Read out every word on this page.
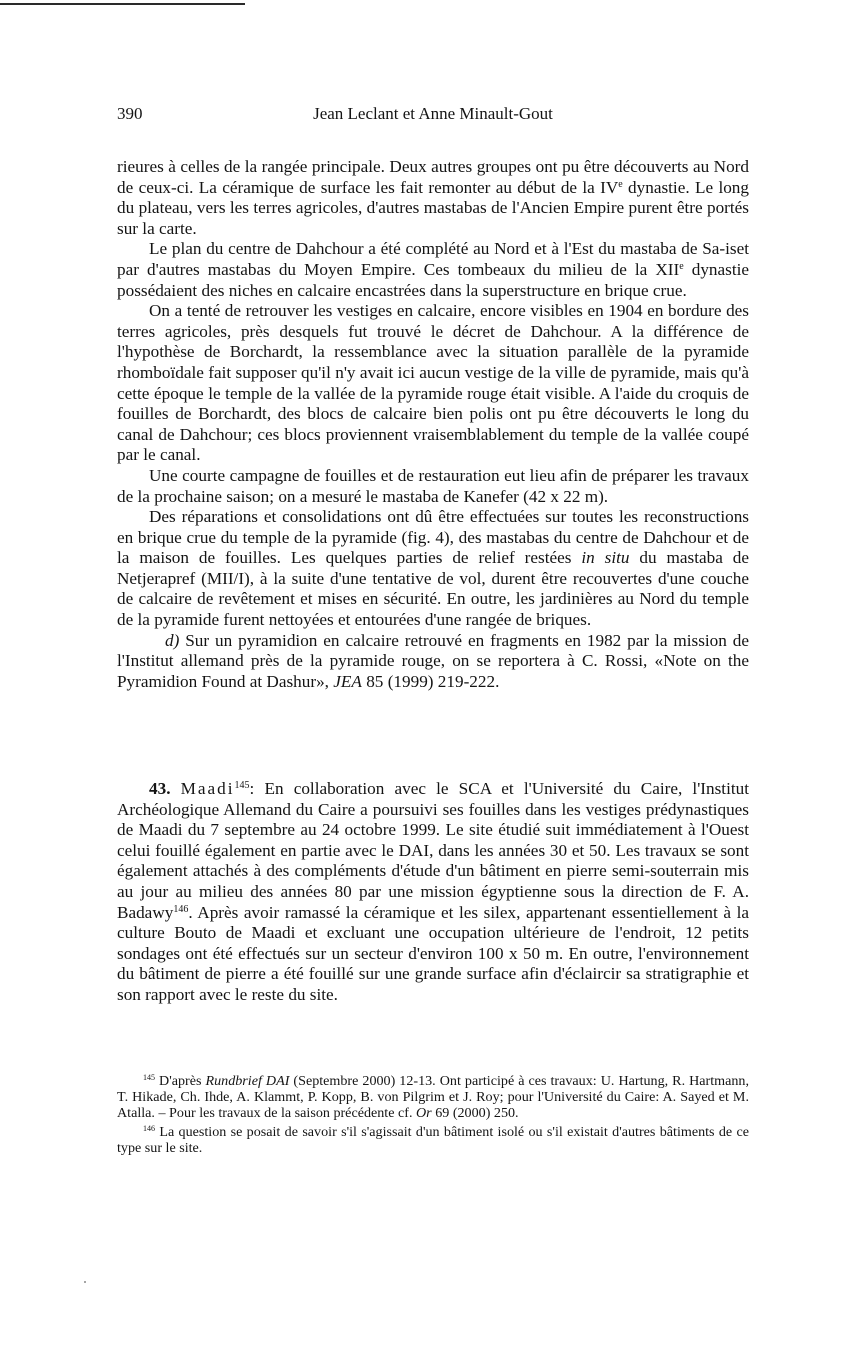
390	Jean Leclant et Anne Minault-Gout

rieures à celles de la rangée principale. Deux autres groupes ont pu être découverts au Nord de ceux-ci. La céramique de surface les fait remonter au début de la IVe dynastie. Le long du plateau, vers les terres agricoles, d'autres mastabas de l'Ancien Empire purent être portés sur la carte.

Le plan du centre de Dahchour a été complété au Nord et à l'Est du mastaba de Sa-iset par d'autres mastabas du Moyen Empire. Ces tombeaux du milieu de la XIIe dynastie possédaient des niches en calcaire encastrées dans la superstructure en brique crue.

On a tenté de retrouver les vestiges en calcaire, encore visibles en 1904 en bordure des terres agricoles, près desquels fut trouvé le décret de Dahchour. A la différence de l'hypothèse de Borchardt, la ressemblance avec la situation parallèle de la pyramide rhomboïdale fait supposer qu'il n'y avait ici aucun vestige de la ville de pyramide, mais qu'à cette époque le temple de la vallée de la pyramide rouge était visible. A l'aide du croquis de fouilles de Borchardt, des blocs de calcaire bien polis ont pu être découverts le long du canal de Dahchour; ces blocs proviennent vraisemblablement du temple de la vallée coupé par le canal.

Une courte campagne de fouilles et de restauration eut lieu afin de préparer les travaux de la prochaine saison; on a mesuré le mastaba de Kanefer (42 x 22 m).

Des réparations et consolidations ont dû être effectuées sur toutes les reconstructions en brique crue du temple de la pyramide (fig. 4), des mastabas du centre de Dahchour et de la maison de fouilles. Les quelques parties de relief restées in situ du mastaba de Netjerapref (MII/I), à la suite d'une tentative de vol, durent être recouvertes d'une couche de calcaire de revêtement et mises en sécurité. En outre, les jardinières au Nord du temple de la pyramide furent nettoyées et entourées d'une rangée de briques.

d) Sur un pyramidion en calcaire retrouvé en fragments en 1982 par la mission de l'Institut allemand près de la pyramide rouge, on se reportera à C. Rossi, «Note on the Pyramidion Found at Dashur», JEA 85 (1999) 219-222.

43. Maadi$^{145}$: En collaboration avec le SCA et l'Université du Caire, l'Institut Archéologique Allemand du Caire a poursuivi ses fouilles dans les vestiges prédynastiques de Maadi du 7 septembre au 24 octobre 1999. Le site étudié suit immédiatement à l'Ouest celui fouillé également en partie avec le DAI, dans les années 30 et 50. Les travaux se sont également attachés à des compléments d'étude d'un bâtiment en pierre semi-souterrain mis au jour au milieu des années 80 par une mission égyptienne sous la direction de F. A. Badawy$^{146}$. Après avoir ramassé la céramique et les silex, appartenant essentiellement à la culture Bouto de Maadi et excluant une occupation ultérieure de l'endroit, 12 petits sondages ont été effectués sur un secteur d'environ 100 x 50 m. En outre, l'environnement du bâtiment de pierre a été fouillé sur une grande surface afin d'éclaircir sa stratigraphie et son rapport avec le reste du site.

$^{145}$ D'après Rundbrief DAI (Septembre 2000) 12-13. Ont participé à ces travaux: U. Hartung, R. Hartmann, T. Hikade, Ch. Ihde, A. Klammt, P. Kopp, B. von Pilgrim et J. Roy; pour l'Université du Caire: A. Sayed et M. Atalla. – Pour les travaux de la saison précédente cf. Or 69 (2000) 250.

$^{146}$ La question se posait de savoir s'il s'agissait d'un bâtiment isolé ou s'il existait d'autres bâtiments de ce type sur le site.
